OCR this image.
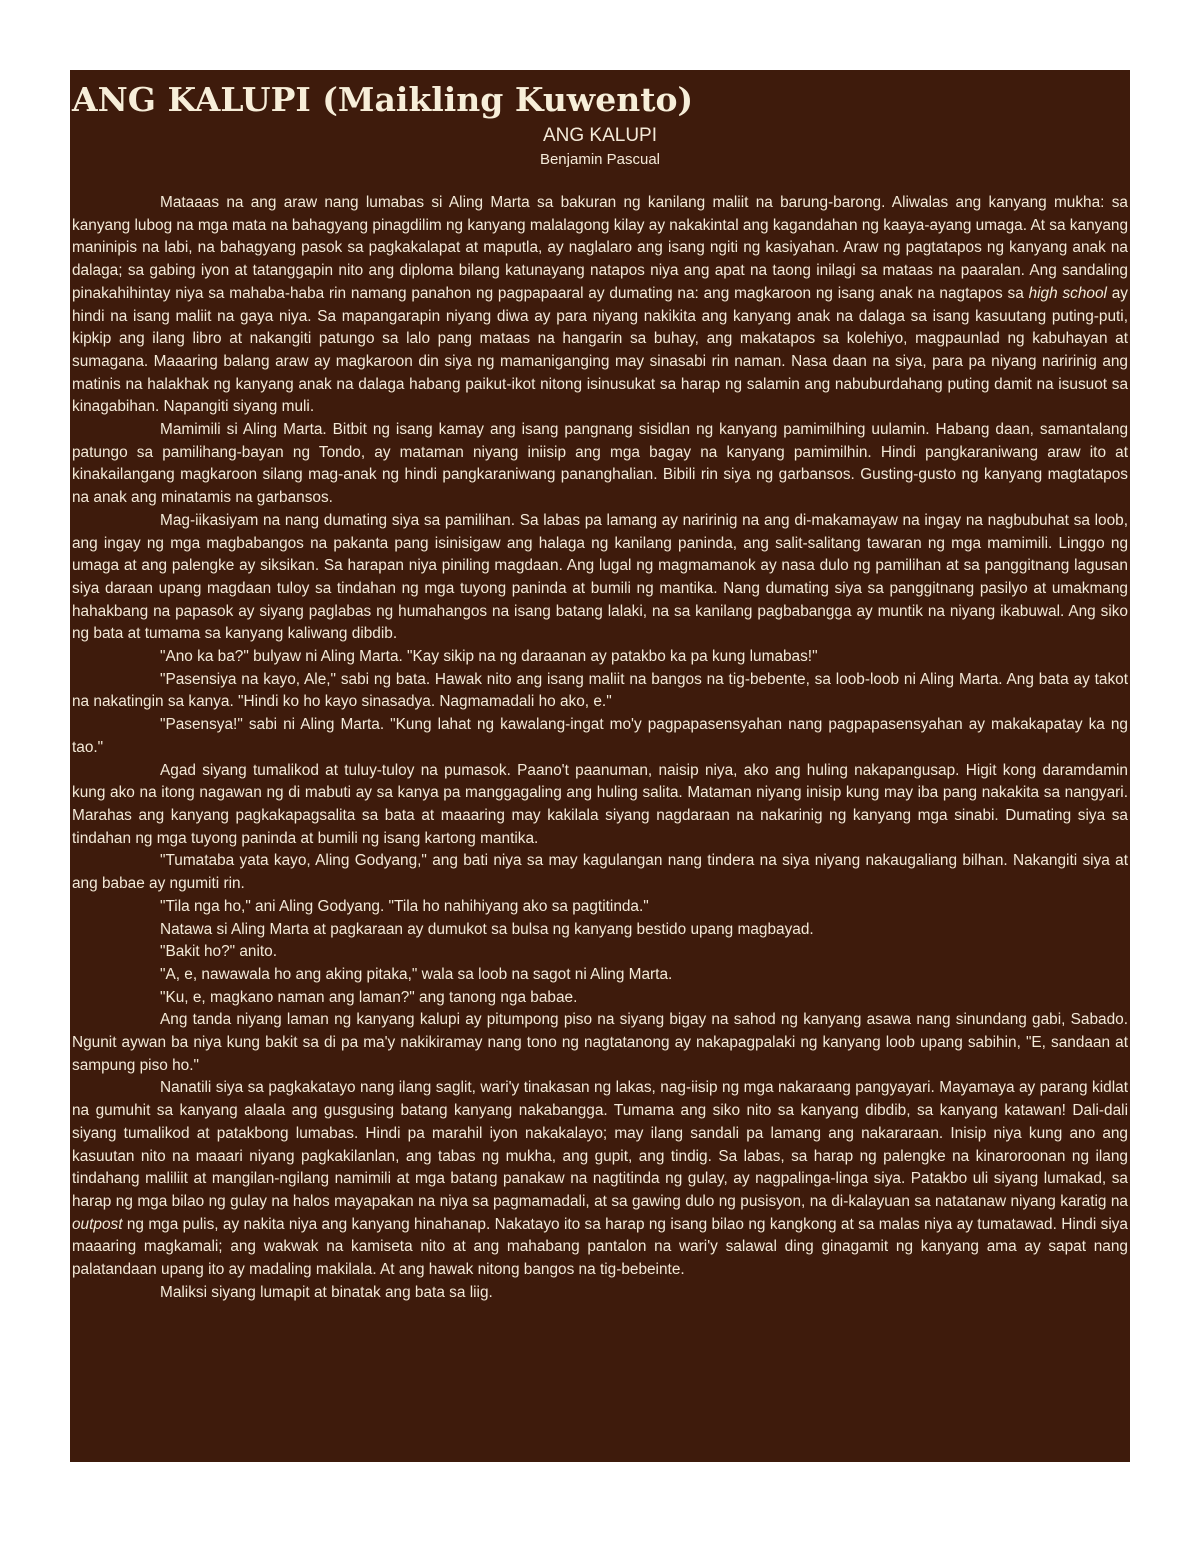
ANG KALUPI (Maikling Kuwento)
ANG KALUPI
Benjamin Pascual

Mataaas na ang araw nang lumabas si Aling Marta sa bakuran ng kanilang maliit na barung-barong. Aliwalas ang kanyang mukha: sa kanyang lubog na mga mata na bahagyang pinagdilim ng kanyang malalagong kilay ay nakakintal ang kagandahan ng kaaya-ayang umaga. At sa kanyang maninipis na labi, na bahagyang pasok sa pagkakalapat at maputla, ay naglalaro ang isang ngiti ng kasiyahan. Araw ng pagtatapos ng kanyang anak na dalaga; sa gabing iyon at tatanggapin nito ang diploma bilang katunayang natapos niya ang apat na taong inilagi sa mataas na paaralan. Ang sandaling pinakahihintay niya sa mahaba-haba rin namang panahon ng pagpapaaral ay dumating na: ang magkaroon ng isang anak na nagtapos sa high school ay hindi na isang maliit na gaya niya. Sa mapangarapin niyang diwa ay para niyang nakikita ang kanyang anak na dalaga sa isang kasuutang puting-puti, kipkip ang ilang libro at nakangiti patungo sa lalo pang mataas na hangarin sa buhay, ang makatapos sa kolehiyo, magpaunlad ng kabuhayan at sumagana. Maaaring balang araw ay magkaroon din siya ng mamaniganging may sinasabi rin naman. Nasa daan na siya, para pa niyang naririnig ang matinis na halakhak ng kanyang anak na dalaga habang paikut-ikot nitong isinusukat sa harap ng salamin ang nabuburdahang puting damit na isusuot sa kinagabihan. Napangiti siyang muli.

Mamimili si Aling Marta. Bitbit ng isang kamay ang isang pangnang sisidlan ng kanyang pamimilhing uulamin. Habang daan, samantalang patungo sa pamilihang-bayan ng Tondo, ay mataman niyang iniisip ang mga bagay na kanyang pamimilhin. Hindi pangkaraniwang araw ito at kinakailangang magkaroon silang mag-anak ng hindi pangkaraniwang pananghalian. Bibili rin siya ng garbansos. Gusting-gusto ng kanyang magtatapos na anak ang minatamis na garbansos.

Mag-iikasiyam na nang dumating siya sa pamilihan. Sa labas pa lamang ay naririnig na ang di-makamayaw na ingay na nagbubuhat sa loob, ang ingay ng mga magbabangos na pakanta pang isinisigaw ang halaga ng kanilang paninda, ang salit-salitang tawaran ng mga mamimili. Linggo ng umaga at ang palengke ay siksikan. Sa harapan niya piniling magdaan. Ang lugal ng magmamanok ay nasa dulo ng pamilihan at sa panggitnang lagusan siya daraan upang magdaan tuloy sa tindahan ng mga tuyong paninda at bumili ng mantika. Nang dumating siya sa panggitnang pasilyo at umakmang hahakbang na papasok ay siyang paglabas ng humahangos na isang batang lalaki, na sa kanilang pagbabangga ay muntik na niyang ikabuwal. Ang siko ng bata at tumama sa kanyang kaliwang dibdib.

"Ano ka ba?" bulyaw ni Aling Marta. "Kay sikip na ng daraanan ay patakbo ka pa kung lumabas!"

"Pasensiya na kayo, Ale," sabi ng bata. Hawak nito ang isang maliit na bangos na tig-bebente, sa loob-loob ni Aling Marta. Ang bata ay takot na nakatingin sa kanya. "Hindi ko ho kayo sinasadya. Nagmamadali ho ako, e."

"Pasensya!" sabi ni Aling Marta. "Kung lahat ng kawalang-ingat mo'y pagpapasensyahan nang pagpapasensyahan ay makakapatay ka ng tao."

Agad siyang tumalikod at tuluy-tuloy na pumasok. Paano't paanuman, naisip niya, ako ang huling nakapangusap. Higit kong daramdamin kung ako na itong nagawan ng di mabuti ay sa kanya pa manggagaling ang huling salita. Mataman niyang inisip kung may iba pang nakakita sa nangyari. Marahas ang kanyang pagkakapagsalita sa bata at maaaring may kakilala siyang nagdaraan na nakarinig ng kanyang mga sinabi. Dumating siya sa tindahan ng mga tuyong paninda at bumili ng isang kartong mantika.

"Tumataba yata kayo, Aling Godyang," ang bati niya sa may kagulangan nang tindera na siya niyang nakaugaliang bilhan. Nakangiti siya at ang babae ay ngumiti rin.

"Tila nga ho," ani Aling Godyang. "Tila ho nahihiyang ako sa pagtitinda."

Natawa si Aling Marta at pagkaraan ay dumukot sa bulsa ng kanyang bestido upang magbayad.

"Bakit ho?" anito.

"A, e, nawawala ho ang aking pitaka," wala sa loob na sagot ni Aling Marta.

"Ku, e, magkano naman ang laman?" ang tanong nga babae.

Ang tanda niyang laman ng kanyang kalupi ay pitumpong piso na siyang bigay na sahod ng kanyang asawa nang sinundang gabi, Sabado. Ngunit aywan ba niya kung bakit sa di pa ma'y nakikiramay nang tono ng nagtatanong ay nakapagpalaki ng kanyang loob upang sabihin, "E, sandaan at sampung piso ho."

Nanatili siya sa pagkakatayo nang ilang saglit, wari'y tinakasan ng lakas, nag-iisip ng mga nakaraang pangyayari. Mayamaya ay parang kidlat na gumuhit sa kanyang alaala ang gusgusing batang kanyang nakabangga. Tumama ang siko nito sa kanyang dibdib, sa kanyang katawan! Dali-dali siyang tumalikod at patakbong lumabas. Hindi pa marahil iyon nakakalayo; may ilang sandali pa lamang ang nakararaan. Inisip niya kung ano ang kasuutan nito na maaari niyang pagkakilanlan, ang tabas ng mukha, ang gupit, ang tindig. Sa labas, sa harap ng palengke na kinaroroonan ng ilang tindahang maliliit at mangilan-ngilang namimili at mga batang panakaw na nagtitinda ng gulay, ay nagpalinga-linga siya. Patakbo uli siyang lumakad, sa harap ng mga bilao ng gulay na halos mayapakan na niya sa pagmamadali, at sa gawing dulo ng pusisyon, na di-kalayuan sa natatanaw niyang karatig na outpost ng mga pulis, ay nakita niya ang kanyang hinahanap. Nakatayo ito sa harap ng isang bilao ng kangkong at sa malas niya ay tumatawad. Hindi siya maaaring magkamali; ang wakwak na kamiseta nito at ang mahabang pantalon na wari'y salawal ding ginagamit ng kanyang ama ay sapat nang palatandaan upang ito ay madaling makilala. At ang hawak nitong bangos na tig-bebeinte.

Maliksi siyang lumapit at binatak ang bata sa liig.
